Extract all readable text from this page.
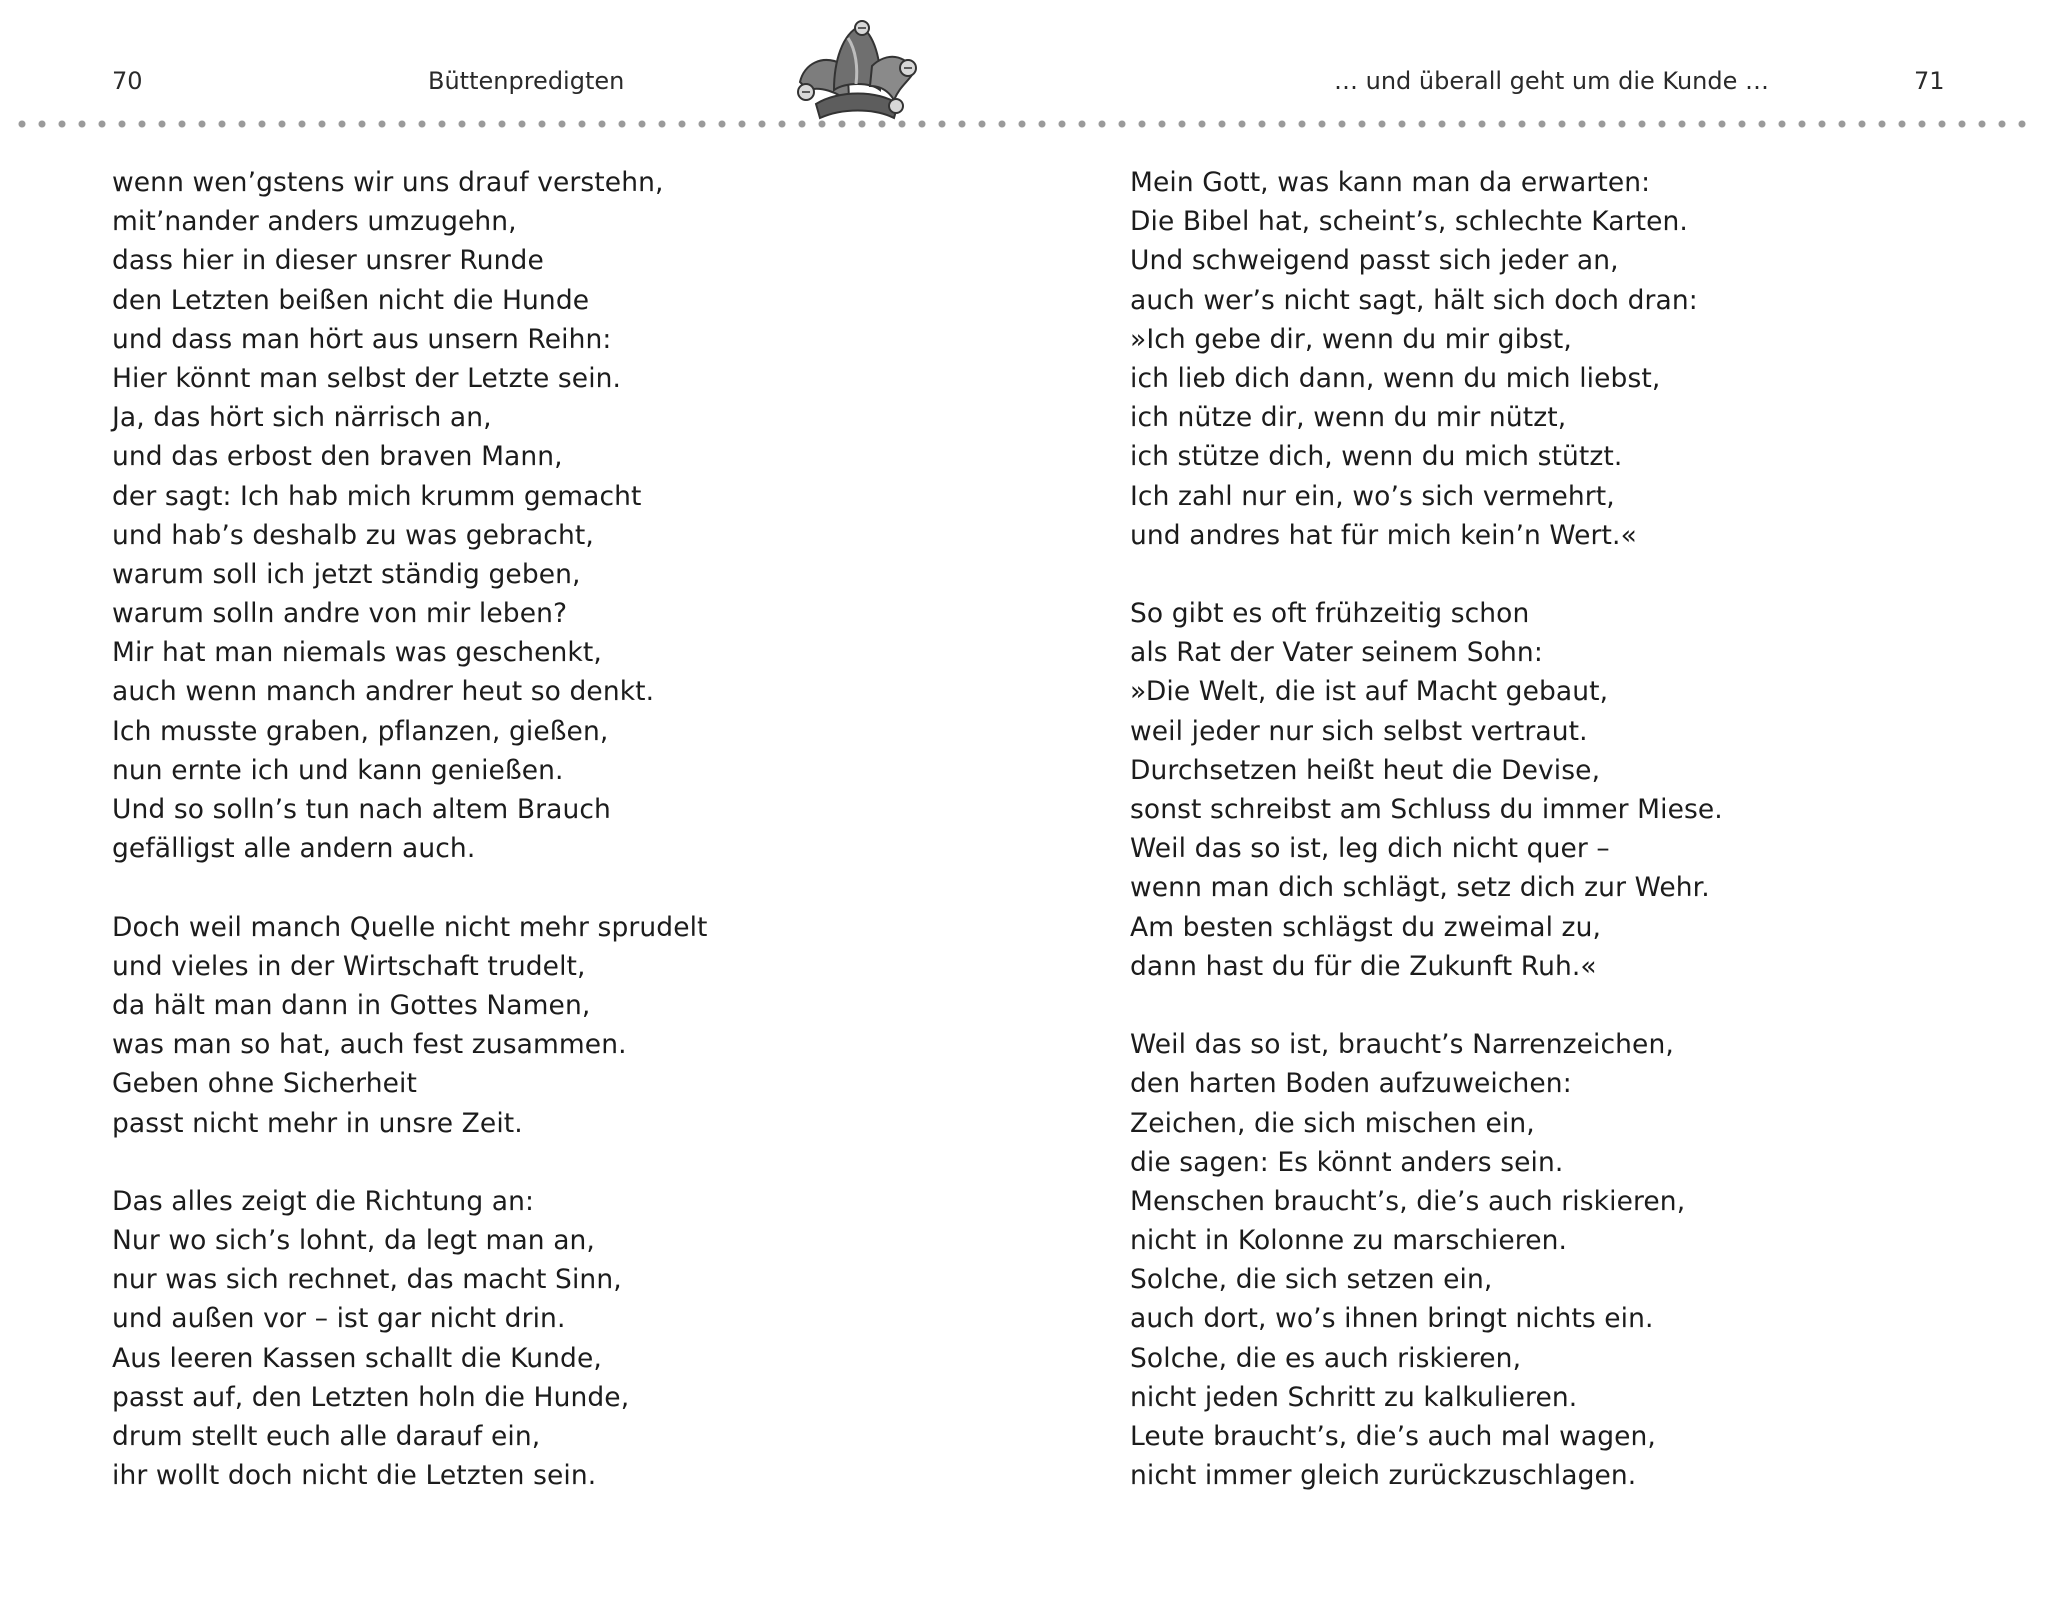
70	Büttenpredigten	… und überall geht um die Kunde …	71
wenn wen’gstens wir uns drauf verstehn,
mit’nander anders umzugehn,
dass hier in dieser unsrer Runde
den Letzten beißen nicht die Hunde
und dass man hört aus unsern Reihn:
Hier könnt man selbst der Letzte sein.
Ja, das hört sich närrisch an,
und das erbost den braven Mann,
der sagt: Ich hab mich krumm gemacht
und hab’s deshalb zu was gebracht,
warum soll ich jetzt ständig geben,
warum solln andre von mir leben?
Mir hat man niemals was geschenkt,
auch wenn manch andrer heut so denkt.
Ich musste graben, pflanzen, gießen,
nun ernte ich und kann genießen.
Und so solln’s tun nach altem Brauch
gefälligst alle andern auch.
Doch weil manch Quelle nicht mehr sprudelt
und vieles in der Wirtschaft trudelt,
da hält man dann in Gottes Namen,
was man so hat, auch fest zusammen.
Geben ohne Sicherheit
passt nicht mehr in unsre Zeit.
Das alles zeigt die Richtung an:
Nur wo sich’s lohnt, da legt man an,
nur was sich rechnet, das macht Sinn,
und außen vor – ist gar nicht drin.
Aus leeren Kassen schallt die Kunde,
passt auf, den Letzten holn die Hunde,
drum stellt euch alle darauf ein,
ihr wollt doch nicht die Letzten sein.
Mein Gott, was kann man da erwarten:
Die Bibel hat, scheint’s, schlechte Karten.
Und schweigend passt sich jeder an,
auch wer’s nicht sagt, hält sich doch dran:
»Ich gebe dir, wenn du mir gibst,
ich lieb dich dann, wenn du mich liebst,
ich nütze dir, wenn du mir nützt,
ich stütze dich, wenn du mich stützt.
Ich zahl nur ein, wo’s sich vermehrt,
und andres hat für mich kein’n Wert.«
So gibt es oft frühzeitig schon
als Rat der Vater seinem Sohn:
»Die Welt, die ist auf Macht gebaut,
weil jeder nur sich selbst vertraut.
Durchsetzen heißt heut die Devise,
sonst schreibst am Schluss du immer Miese.
Weil das so ist, leg dich nicht quer –
wenn man dich schlägt, setz dich zur Wehr.
Am besten schlägst du zweimal zu,
dann hast du für die Zukunft Ruh.«
Weil das so ist, braucht’s Narrenzeichen,
den harten Boden aufzuweichen:
Zeichen, die sich mischen ein,
die sagen: Es könnt anders sein.
Menschen braucht’s, die’s auch riskieren,
nicht in Kolonne zu marschieren.
Solche, die sich setzen ein,
auch dort, wo’s ihnen bringt nichts ein.
Solche, die es auch riskieren,
nicht jeden Schritt zu kalkulieren.
Leute braucht’s, die’s auch mal wagen,
nicht immer gleich zurückzuschlagen.
